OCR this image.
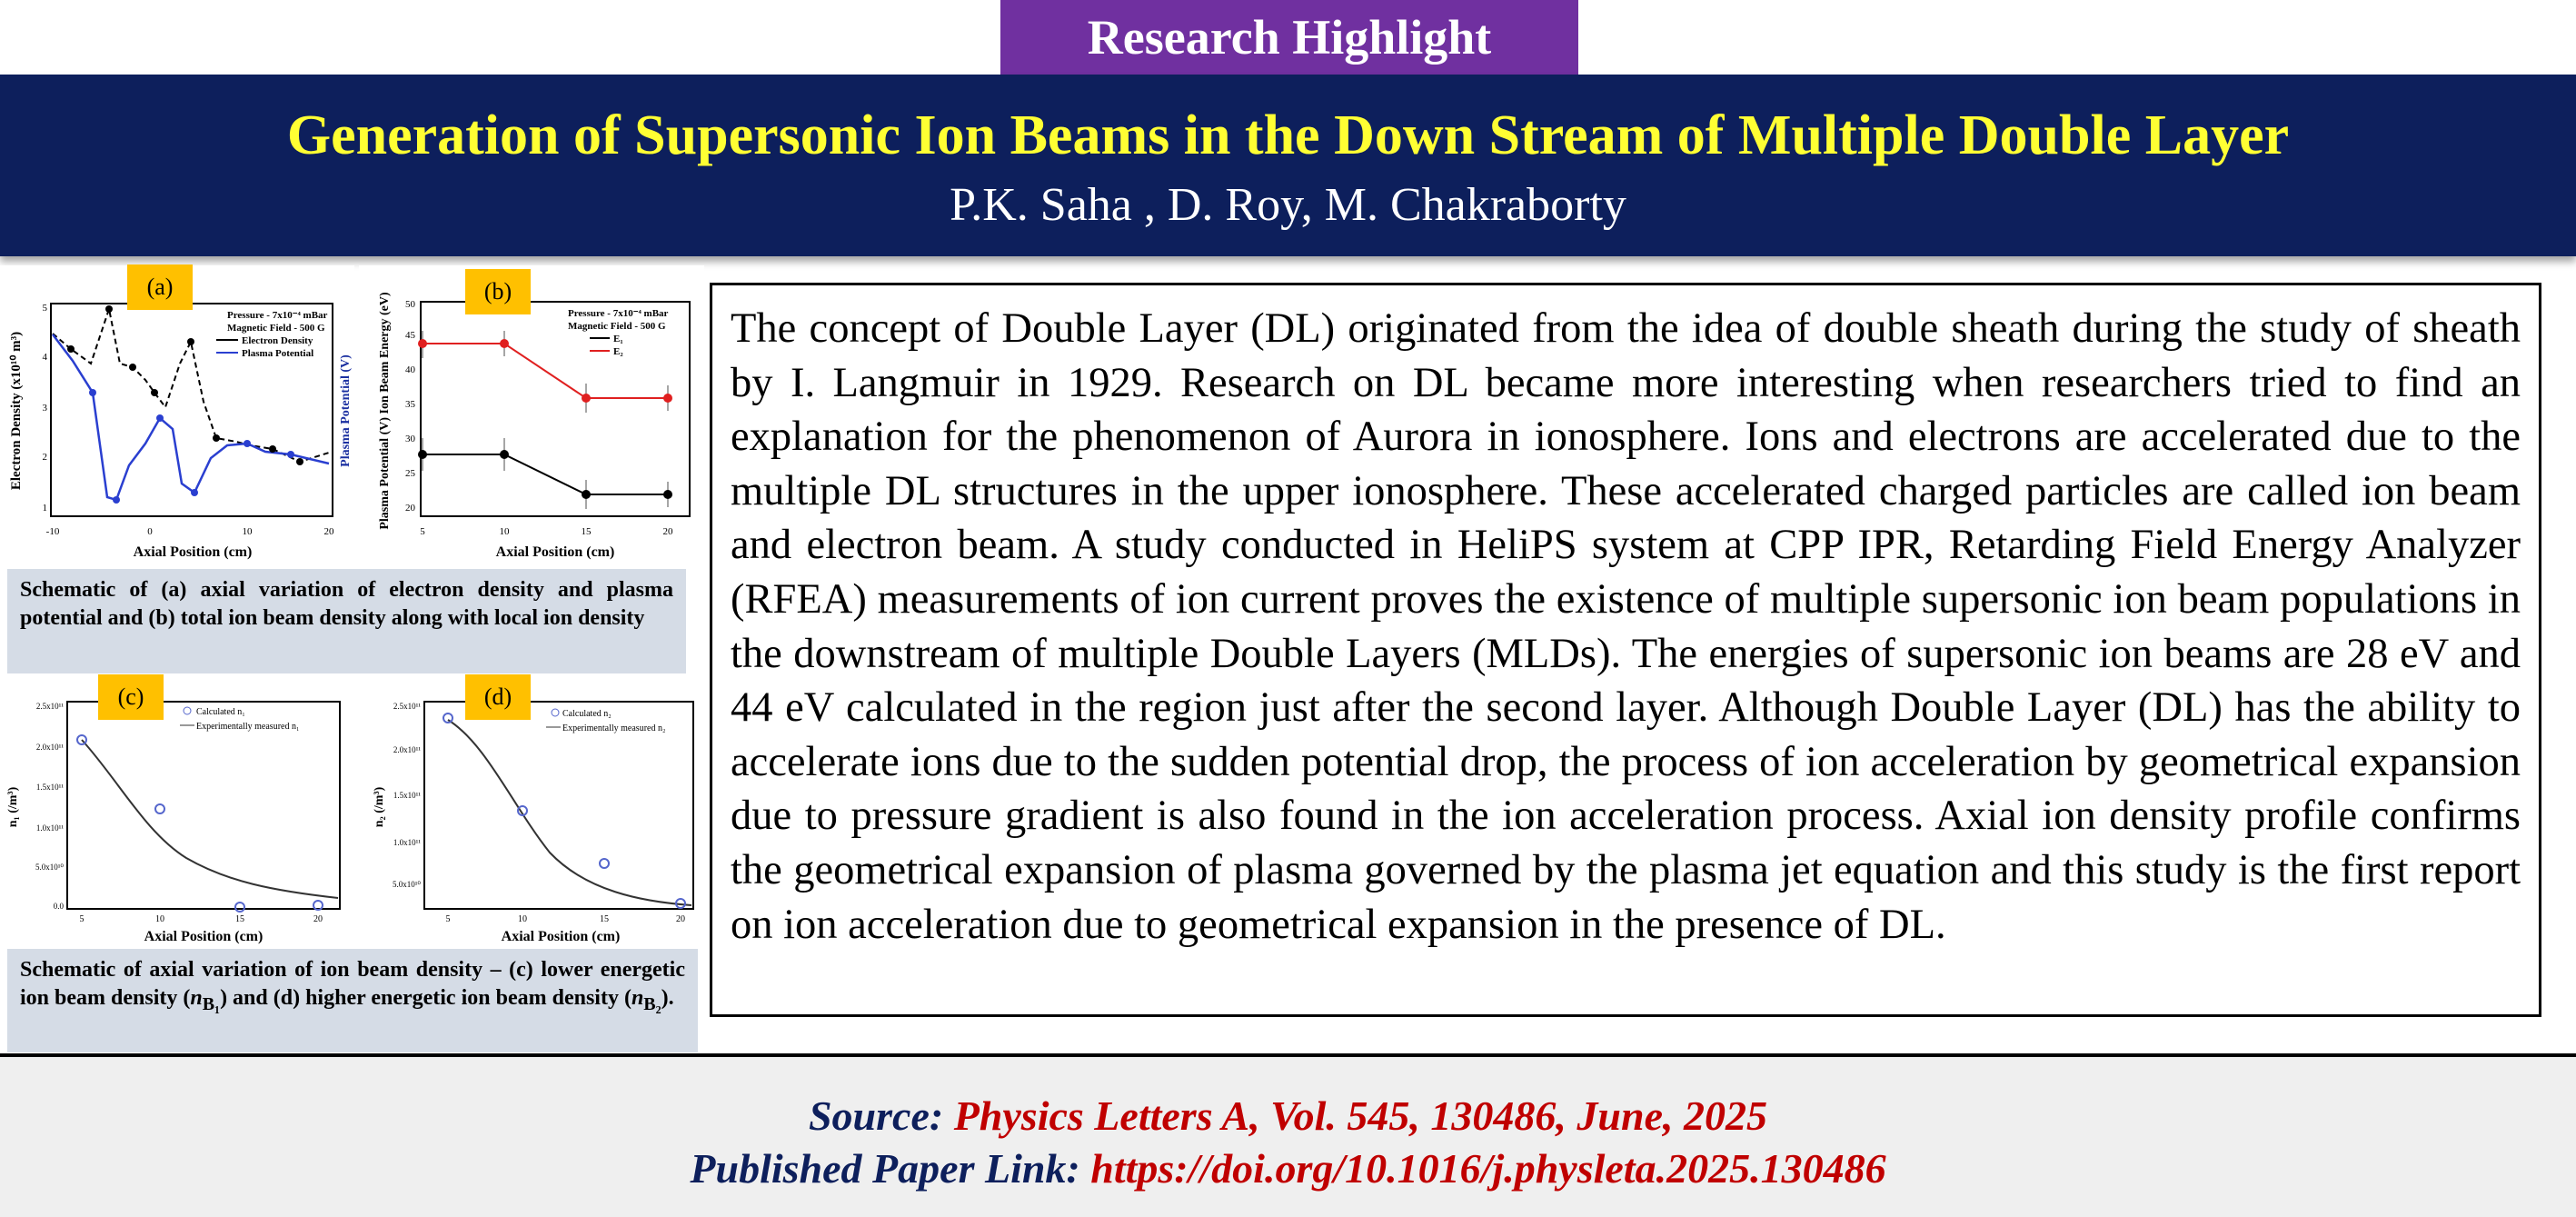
Research Highlight
Generation of Supersonic Ion Beams in the Down Stream of Multiple Double Layer
P.K. Saha , D. Roy, M. Chakraborty
Electron Density (x10¹⁰ m³)	Plasma Potential (V)
Axial Position (cm)
-10	0	10	20
1
2
3
4
5
Pressure - 7x10⁻⁴ mBar
Magnetic Field - 500 G
Electron Density
Plasma Potential
(a)
Plasma Potential (V) Ion Beam Energy (eV)
Axial Position (cm)
5	10	15	20
20
25
30
35
40
45
50
Pressure - 7x10⁻⁴ mBar
Magnetic Field - 500 G
E₁
E₂
(b)
Schematic of (a) axial variation of electron density and plasma potential and (b) total ion beam density along with local ion density
n₁ (/m³)
Axial Position (cm)
5	10	15	20
0.0
5.0x10¹⁰
1.0x10¹¹
1.5x10¹¹
2.0x10¹¹
2.5x10¹¹
Calculated n₁
Experimentally measured n₁
(c)
n₂ (/m³)
Axial Position (cm)
5	10	15	20
5.0x10¹⁰
1.0x10¹¹
1.5x10¹¹
2.0x10¹¹
2.5x10¹¹
Calculated n₂
Experimentally measured n₂
(d)
Schematic of axial variation of ion beam density – (c) lower energetic ion beam density $(n_{B_1})$ and (d) higher energetic ion beam density $(n_{B_2})$.
The concept of Double Layer (DL) originated from the idea of double sheath during the study of sheath by I. Langmuir in 1929. Research on DL became more interesting when researchers tried to find an explanation for the phenomenon of Aurora in ionosphere. Ions and electrons are accelerated due to the multiple DL structures in the upper ionosphere. These accelerated charged particles are called ion beam and electron beam. A study conducted in HeliPS system at CPP IPR, Retarding Field Energy Analyzer (RFEA) measurements of ion current proves the existence of multiple supersonic ion beam populations in the downstream of multiple Double Layers (MLDs). The energies of supersonic ion beams are 28 eV and 44 eV calculated in the region just after the second layer. Although Double Layer (DL) has the ability to accelerate ions due to the sudden potential drop, the process of ion acceleration by geometrical expansion due to pressure gradient is also found in the ion acceleration process. Axial ion density profile confirms the geometrical expansion of plasma governed by the plasma jet equation and this study is the first report on ion acceleration due to geometrical expansion in the presence of DL.
Source: Physics Letters A, Vol. 545, 130486, June, 2025
Published Paper Link: https://doi.org/10.1016/j.physleta.2025.130486
